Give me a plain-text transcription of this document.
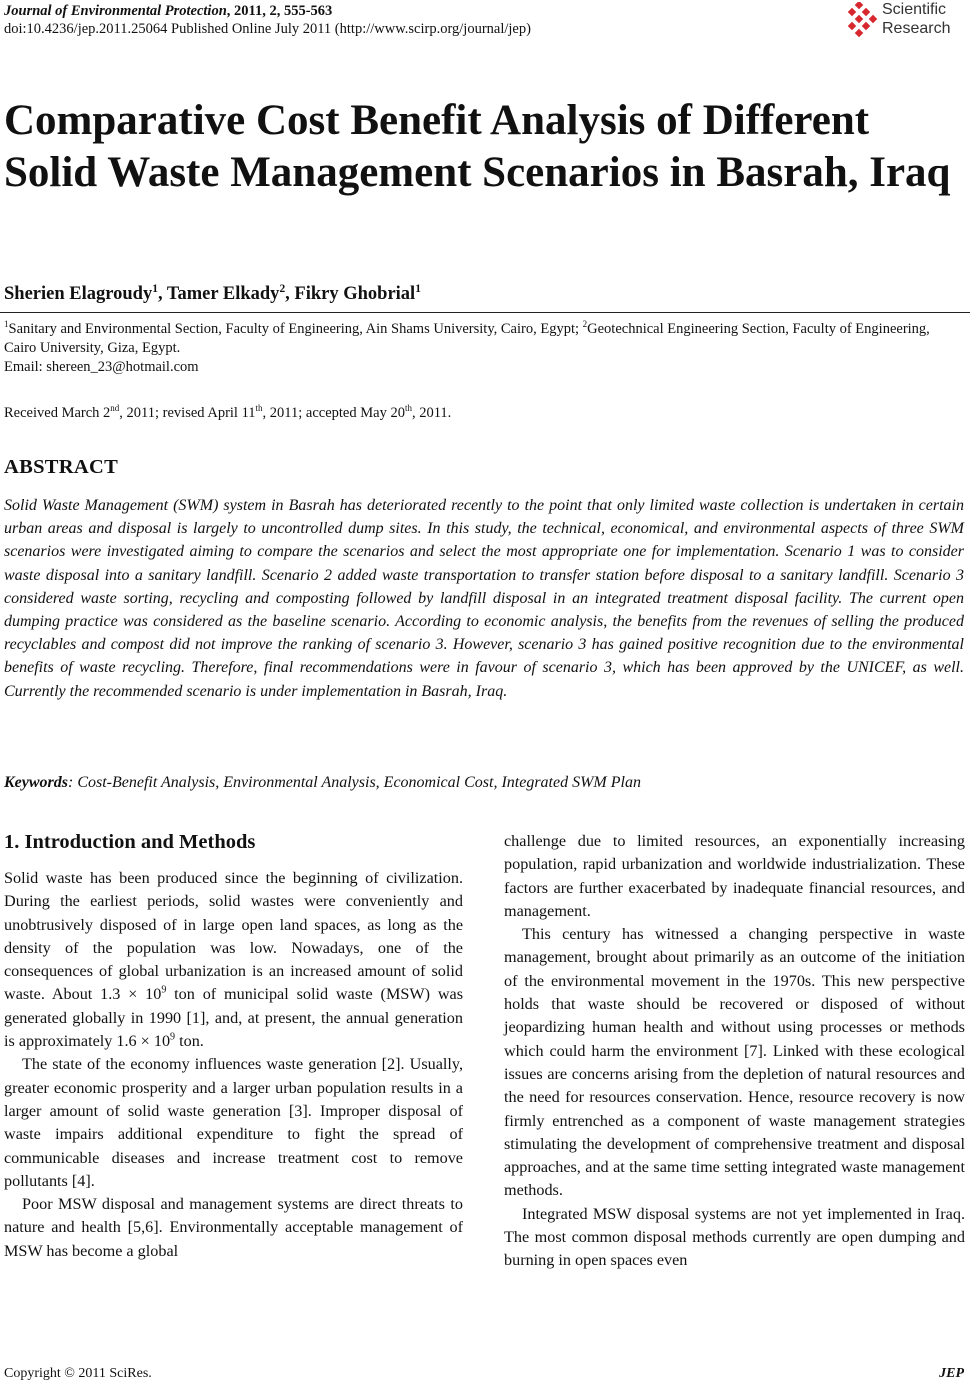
Journal of Environmental Protection, 2011, 2, 555-563
doi:10.4236/jep.2011.25064 Published Online July 2011 (http://www.scirp.org/journal/jep)
Scientific
Research
Comparative Cost Benefit Analysis of Different Solid Waste Management Scenarios in Basrah, Iraq
Sherien Elagroudy$^1$, Tamer Elkady$^2$, Fikry Ghobrial$^1$
$^1$Sanitary and Environmental Section, Faculty of Engineering, Ain Shams University, Cairo, Egypt; $^2$Geotechnical Engineering Section, Faculty of Engineering, Cairo University, Giza, Egypt.
Email: shereen_23@hotmail.com
Received March 2nd, 2011; revised April 11th, 2011; accepted May 20th, 2011.
ABSTRACT
Solid Waste Management (SWM) system in Basrah has deteriorated recently to the point that only limited waste collection is undertaken in certain urban areas and disposal is largely to uncontrolled dump sites. In this study, the technical, economical, and environmental aspects of three SWM scenarios were investigated aiming to compare the scenarios and select the most appropriate one for implementation. Scenario 1 was to consider waste disposal into a sanitary landfill. Scenario 2 added waste transportation to transfer station before disposal to a sanitary landfill. Scenario 3 considered waste sorting, recycling and composting followed by landfill disposal in an integrated treatment disposal facility. The current open dumping practice was considered as the baseline scenario. According to economic analysis, the benefits from the revenues of selling the produced recyclables and compost did not improve the ranking of scenario 3. However, scenario 3 has gained positive recognition due to the environmental benefits of waste recycling. Therefore, final recommendations were in favour of scenario 3, which has been approved by the UNICEF, as well. Currently the recommended scenario is under implementation in Basrah, Iraq.
Keywords: Cost-Benefit Analysis, Environmental Analysis, Economical Cost, Integrated SWM Plan
1. Introduction and Methods

Solid waste has been produced since the beginning of civilization. During the earliest periods, solid wastes were conveniently and unobtrusively disposed of in large open land spaces, as long as the density of the population was low. Nowadays, one of the consequences of global urbanization is an increased amount of solid waste. About $1.3 \times 10^9$ ton of municipal solid waste (MSW) was generated globally in 1990 [1], and, at present, the annual generation is approximately $1.6 \times 10^9$ ton.

The state of the economy influences waste generation [2]. Usually, greater economic prosperity and a larger urban population results in a larger amount of solid waste generation [3]. Improper disposal of waste impairs additional expenditure to fight the spread of communicable diseases and increase treatment cost to remove pollutants [4].

Poor MSW disposal and management systems are direct threats to nature and health [5,6]. Environmentally acceptable management of MSW has become a global

challenge due to limited resources, an exponentially increasing population, rapid urbanization and worldwide industrialization. These factors are further exacerbated by inadequate financial resources, and management.

This century has witnessed a changing perspective in waste management, brought about primarily as an outcome of the initiation of the environmental movement in the 1970s. This new perspective holds that waste should be recovered or disposed of without jeopardizing human health and without using processes or methods which could harm the environment [7]. Linked with these ecological issues are concerns arising from the depletion of natural resources and the need for resources conservation. Hence, resource recovery is now firmly entrenched as a component of waste management strategies stimulating the development of comprehensive treatment and disposal approaches, and at the same time setting integrated waste management methods.

Integrated MSW disposal systems are not yet implemented in Iraq. The most common disposal methods currently are open dumping and burning in open spaces even

Copyright © 2011 SciRes.	JEP
